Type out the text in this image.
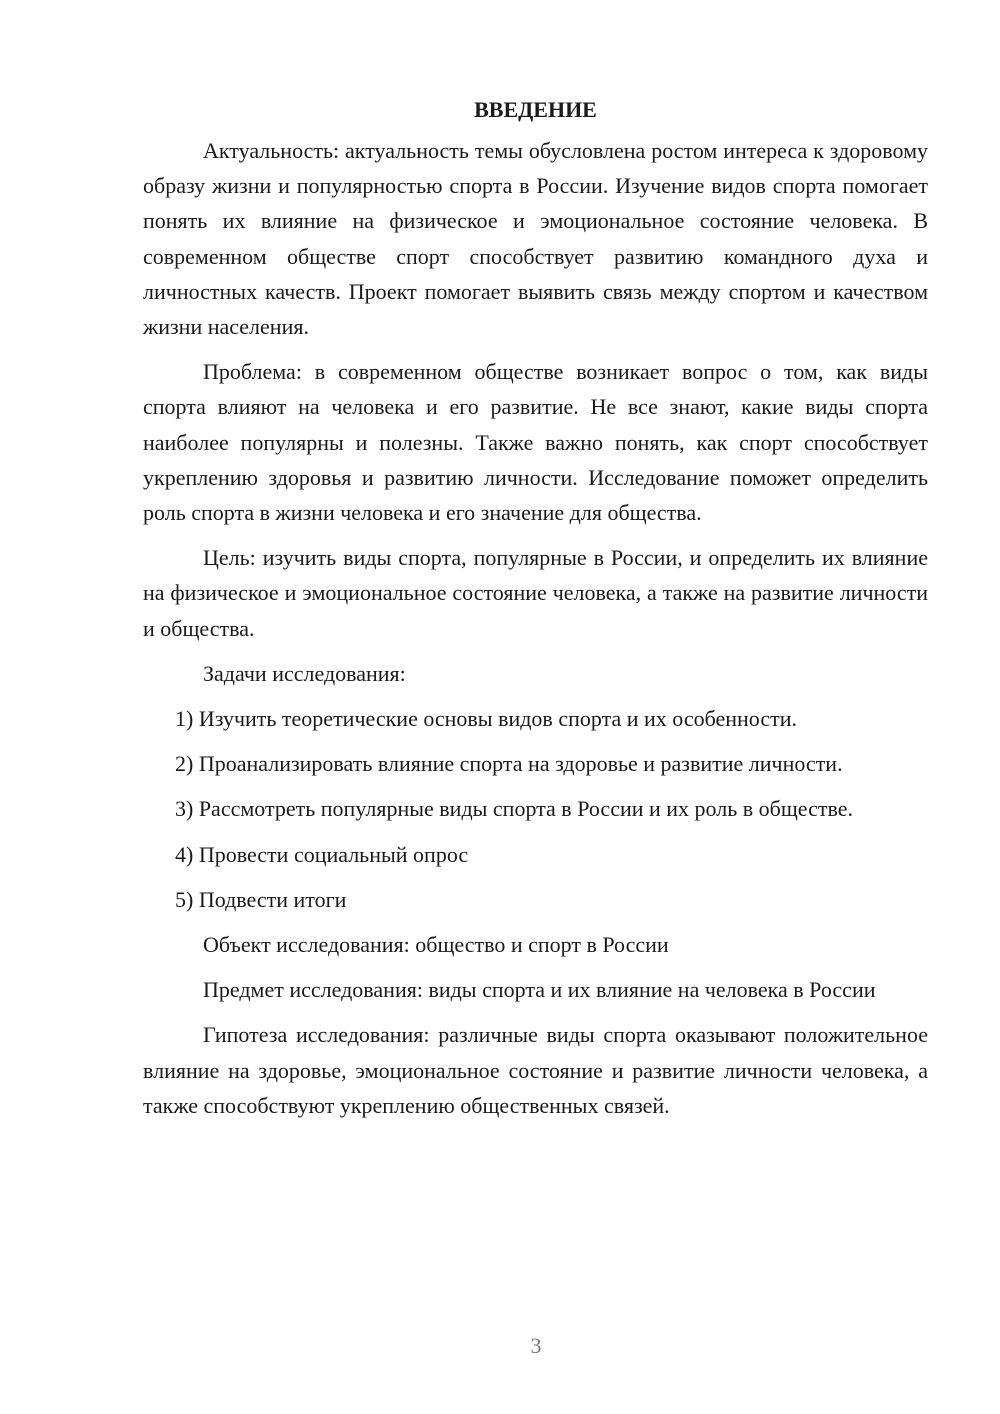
ВВЕДЕНИЕ

Актуальность: актуальность темы обусловлена ростом интереса к здоровому образу жизни и популярностью спорта в России. Изучение видов спорта помогает понять их влияние на физическое и эмоциональное состояние человека. В современном обществе спорт способствует развитию командного духа и личностных качеств. Проект помогает выявить связь между спортом и качеством жизни населения.

Проблема: в современном обществе возникает вопрос о том, как виды спорта влияют на человека и его развитие. Не все знают, какие виды спорта наиболее популярны и полезны. Также важно понять, как спорт способствует укреплению здоровья и развитию личности. Исследование поможет определить роль спорта в жизни человека и его значение для общества.

Цель: изучить виды спорта, популярные в России, и определить их влияние на физическое и эмоциональное состояние человека, а также на развитие личности и общества.

Задачи исследования:

1) Изучить теоретические основы видов спорта и их особенности.

2) Проанализировать влияние спорта на здоровье и развитие личности.

3) Рассмотреть популярные виды спорта в России и их роль в обществе.

4) Провести социальный опрос

5) Подвести итоги

Объект исследования: общество и спорт в России

Предмет исследования: виды спорта и их влияние на человека в России

Гипотеза исследования: различные виды спорта оказывают положительное влияние на здоровье, эмоциональное состояние и развитие личности человека, а также способствуют укреплению общественных связей.

3
